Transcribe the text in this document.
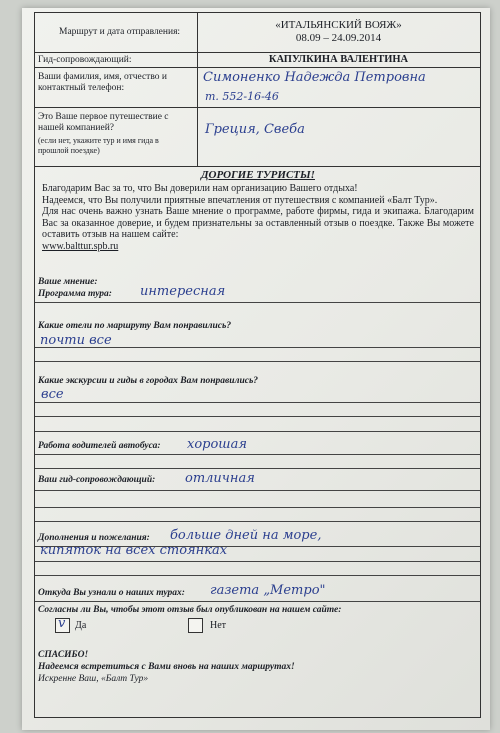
Маршрут и дата отправления:
«ИТАЛЬЯНСКИЙ ВОЯЖ»
08.09 – 24.09.2014
Гид-сопровождающий:	КАПУЛКИНА ВАЛЕНТИНА
Ваши фамилия, имя, отчество и контактный телефон:
Симоненко Надежда Петровна
т. 552-16-46
Это Ваше первое путешествие с нашей компанией?
(если нет, укажите тур и имя гида в прошлой поездке)
Греция, Свеба
ДОРОГИЕ ТУРИСТЫ!
Благодарим Вас за то, что Вы доверили нам организацию Вашего отдыха!
Надеемся, что Вы получили приятные впечатления от путешествия с компанией «Балт Тур».
Для нас очень важно узнать Ваше мнение о программе, работе фирмы, гида и экипажа. Благодарим Вас за оказанное доверие, и будем признательны за оставленный отзыв о поездке. Также Вы можете оставить отзыв на нашем сайте:
www.balttur.spb.ru
Ваше мнение:
Программа тура: интересная
Какие отели по маршруту Вам понравились?
почти все
Какие экскурсии и гиды в городах Вам понравились?
все
Работа водителей автобуса: хорошая
Ваш гид-сопровождающий: отличная
Дополнения и пожелания: больше дней на море,
кипяток на всех стоянках
Откуда Вы узнали о наших турах: газета „Метро"
Согласны ли Вы, чтобы этот отзыв был опубликован на нашем сайте:
v Да	Нет
СПАСИБО!
Надеемся встретиться с Вами вновь на наших маршрутах!
Искренне Ваш, «Балт Тур»
